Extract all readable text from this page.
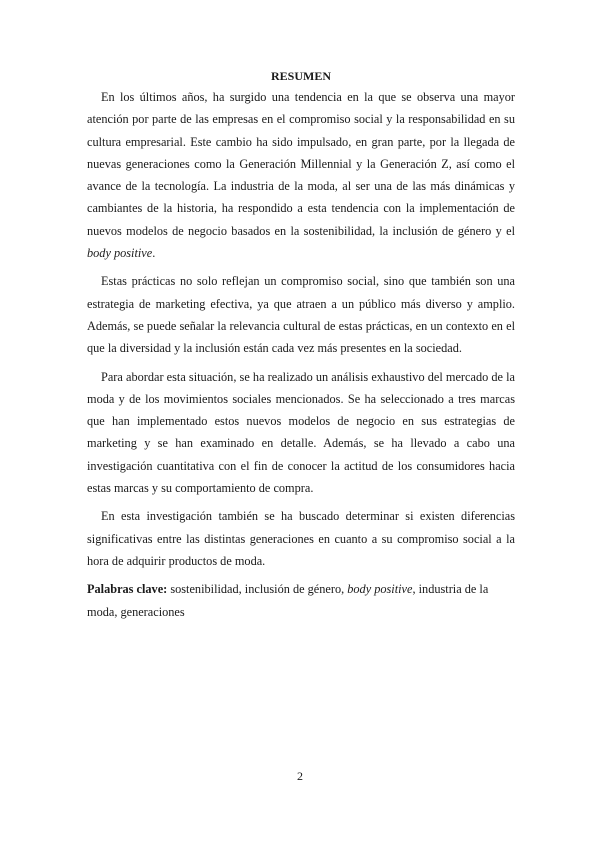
RESUMEN

En los últimos años, ha surgido una tendencia en la que se observa una mayor atención por parte de las empresas en el compromiso social y la responsabilidad en su cultura empresarial. Este cambio ha sido impulsado, en gran parte, por la llegada de nuevas generaciones como la Generación Millennial y la Generación Z, así como el avance de la tecnología. La industria de la moda, al ser una de las más dinámicas y cambiantes de la historia, ha respondido a esta tendencia con la implementación de nuevos modelos de negocio basados en la sostenibilidad, la inclusión de género y el body positive.

Estas prácticas no solo reflejan un compromiso social, sino que también son una estrategia de marketing efectiva, ya que atraen a un público más diverso y amplio. Además, se puede señalar la relevancia cultural de estas prácticas, en un contexto en el que la diversidad y la inclusión están cada vez más presentes en la sociedad.

Para abordar esta situación, se ha realizado un análisis exhaustivo del mercado de la moda y de los movimientos sociales mencionados. Se ha seleccionado a tres marcas que han implementado estos nuevos modelos de negocio en sus estrategias de marketing y se han examinado en detalle. Además, se ha llevado a cabo una investigación cuantitativa con el fin de conocer la actitud de los consumidores hacia estas marcas y su comportamiento de compra.

En esta investigación también se ha buscado determinar si existen diferencias significativas entre las distintas generaciones en cuanto a su compromiso social a la hora de adquirir productos de moda.

Palabras clave: sostenibilidad, inclusión de género, body positive, industria de la moda, generaciones

2
